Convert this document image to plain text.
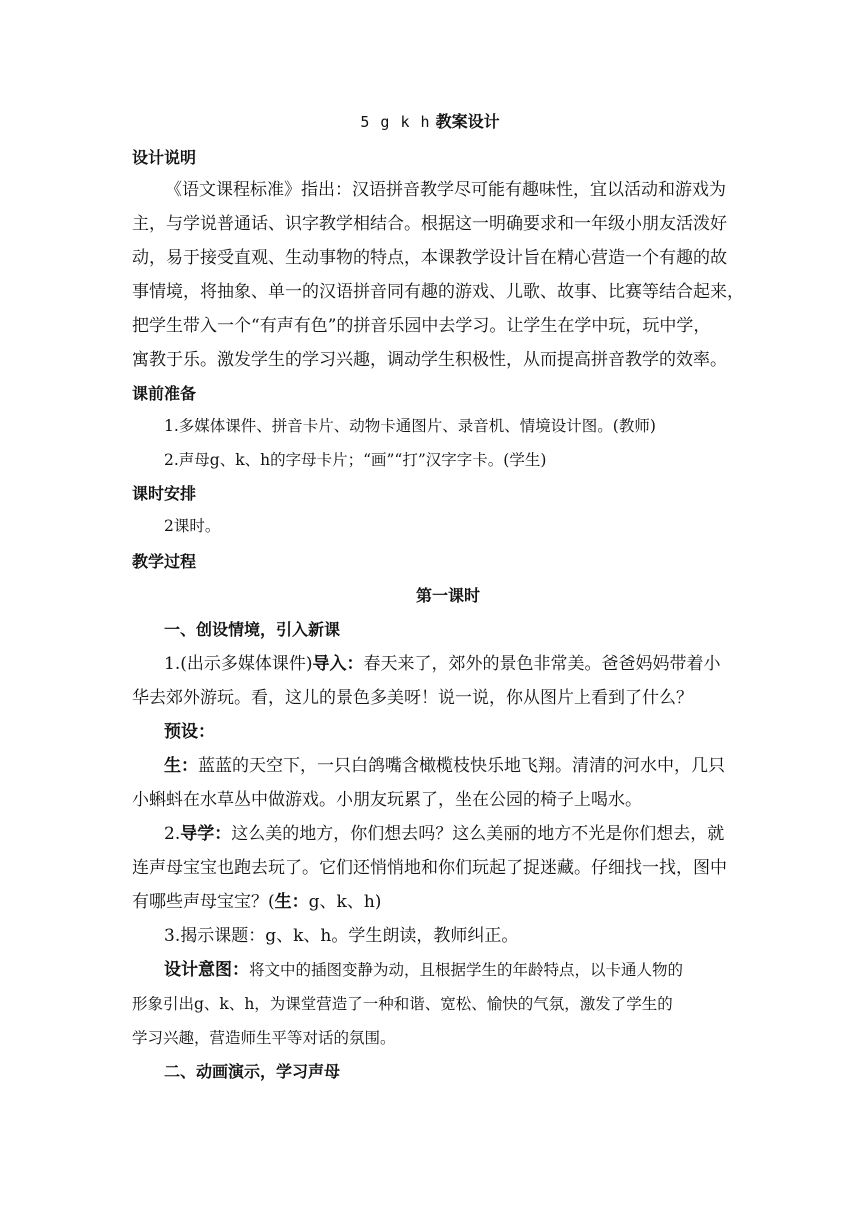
5 g k h 教案设计
设计说明
《语文课程标准》指出：汉语拼音教学尽可能有趣味性，宜以活动和游戏为
主，与学说普通话、识字教学相结合。根据这一明确要求和一年级小朋友活泼好
动，易于接受直观、生动事物的特点，本课教学设计旨在精心营造一个有趣的故
事情境，将抽象、单一的汉语拼音同有趣的游戏、儿歌、故事、比赛等结合起来，
把学生带入一个“有声有色”的拼音乐园中去学习。让学生在学中玩，玩中学，
寓教于乐。激发学生的学习兴趣，调动学生积极性，从而提高拼音教学的效率。
课前准备
1.多媒体课件、拼音卡片、动物卡通图片、录音机、情境设计图。(教师)
2.声母g、k、h的字母卡片；“画”“打”汉字字卡。(学生)
课时安排
2课时。
教学过程
第一课时
一、创设情境，引入新课
1.(出示多媒体课件)导入：春天来了，郊外的景色非常美。爸爸妈妈带着小
华去郊外游玩。看，这儿的景色多美呀！说一说，你从图片上看到了什么？
预设：
生：蓝蓝的天空下，一只白鸽嘴含橄榄枝快乐地飞翔。清清的河水中，几只
小蝌蚪在水草丛中做游戏。小朋友玩累了，坐在公园的椅子上喝水。
2.导学：这么美的地方，你们想去吗？这么美丽的地方不光是你们想去，就
连声母宝宝也跑去玩了。它们还悄悄地和你们玩起了捉迷藏。仔细找一找，图中
有哪些声母宝宝？(生：g、k、h)
3.揭示课题：g、k、h。学生朗读，教师纠正。
设计意图：将文中的插图变静为动，且根据学生的年龄特点，以卡通人物的
形象引出g、k、h，为课堂营造了一种和谐、宽松、愉快的气氛，激发了学生的
学习兴趣，营造师生平等对话的氛围。
二、动画演示，学习声母
